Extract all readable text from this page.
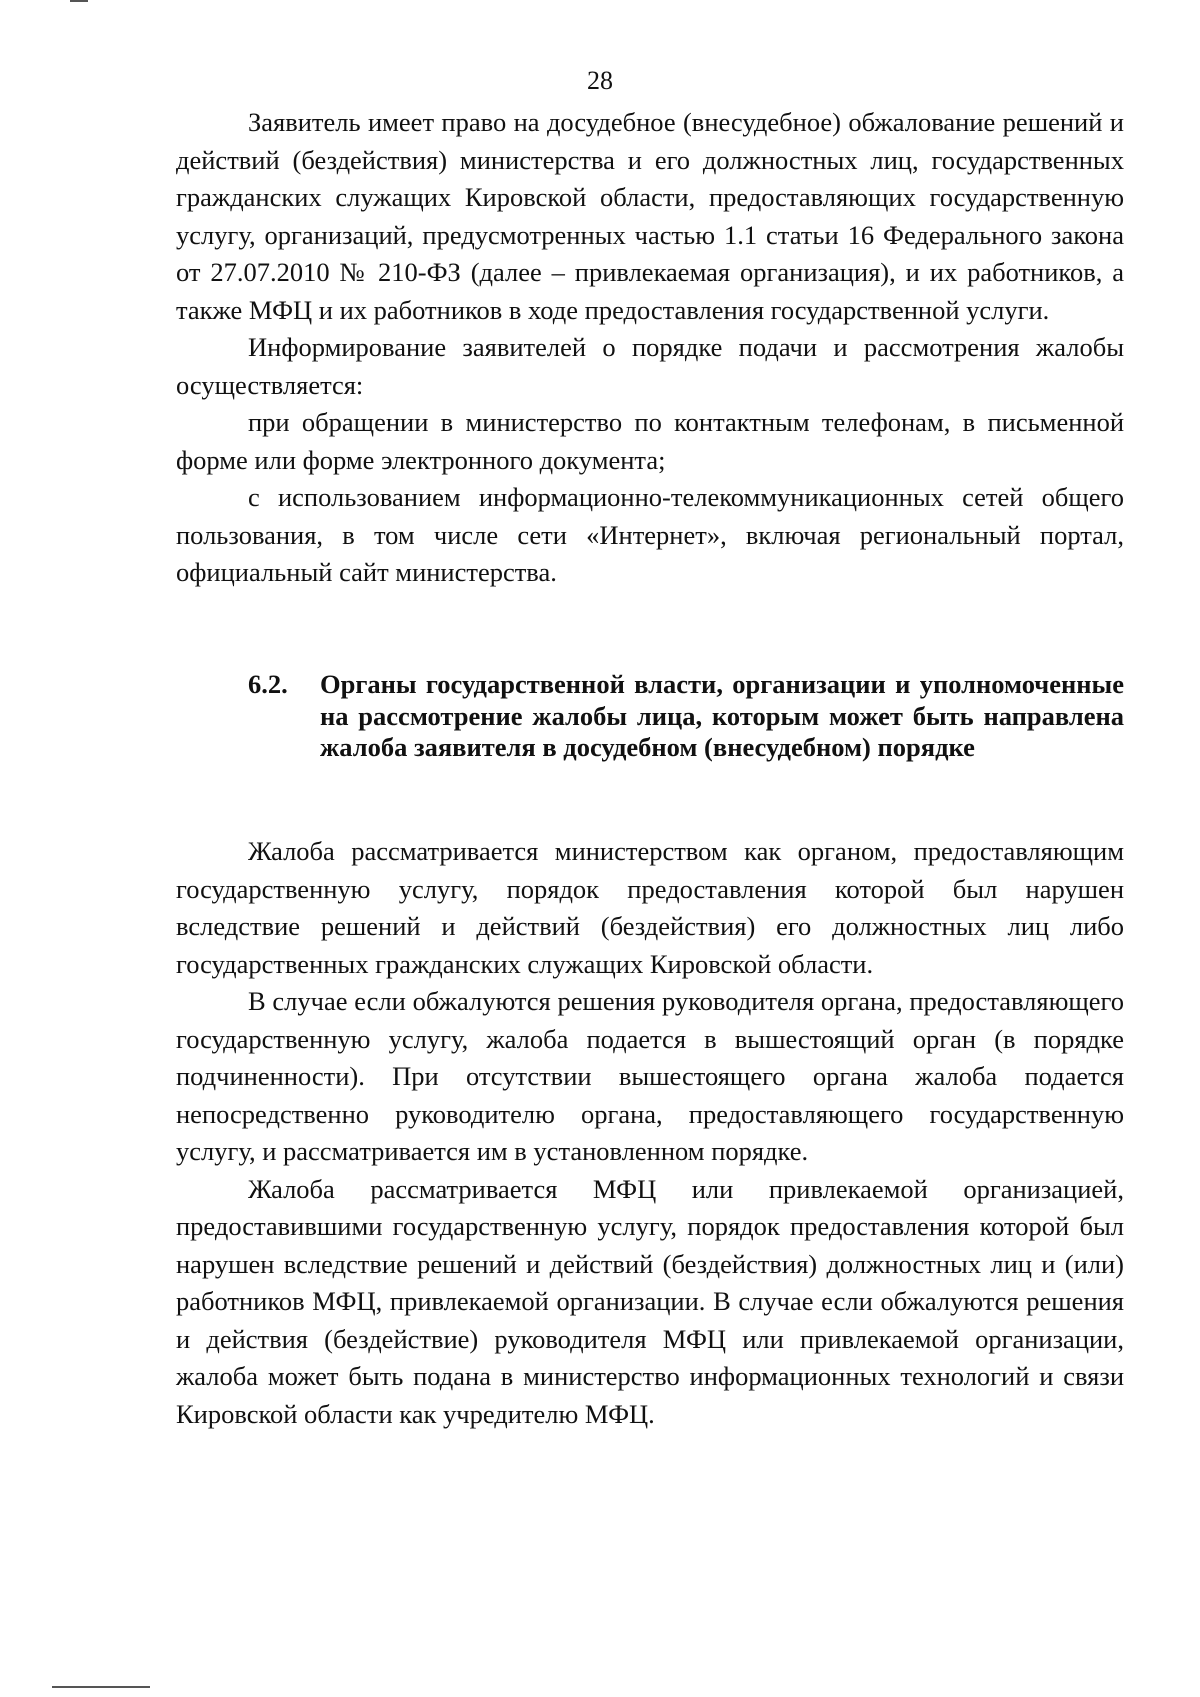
28

Заявитель имеет право на досудебное (внесудебное) обжалование решений и действий (бездействия) министерства и его должностных лиц, государственных гражданских служащих Кировской области, предоставляющих государственную услугу, организаций, предусмотренных частью 1.1 статьи 16 Федерального закона от 27.07.2010 № 210-ФЗ (далее – привлекаемая организация), и их работников, а также МФЦ и их работников в ходе предоставления государственной услуги.

Информирование заявителей о порядке подачи и рассмотрения жалобы осуществляется:

при обращении в министерство по контактным телефонам, в письменной форме или форме электронного документа;

с использованием информационно-телекоммуникационных сетей общего пользования, в том числе сети «Интернет», включая региональный портал, официальный сайт министерства.

6.2.	Органы государственной власти, организации и уполномоченные на рассмотрение жалобы лица, которым может быть направлена жалоба заявителя в досудебном (внесудебном) порядке

Жалоба рассматривается министерством как органом, предоставляющим государственную услугу, порядок предоставления которой был нарушен вследствие решений и действий (бездействия) его должностных лиц либо государственных гражданских служащих Кировской области.

В случае если обжалуются решения руководителя органа, предоставляющего государственную услугу, жалоба подается в вышестоящий орган (в порядке подчиненности). При отсутствии вышестоящего органа жалоба подается непосредственно руководителю органа, предоставляющего государственную услугу, и рассматривается им в установленном порядке.

Жалоба рассматривается МФЦ или привлекаемой организацией, предоставившими государственную услугу, порядок предоставления которой был нарушен вследствие решений и действий (бездействия) должностных лиц и (или) работников МФЦ, привлекаемой организации. В случае если обжалуются решения и действия (бездействие) руководителя МФЦ или привлекаемой организации, жалоба может быть подана в министерство информационных технологий и связи Кировской области как учредителю МФЦ.
